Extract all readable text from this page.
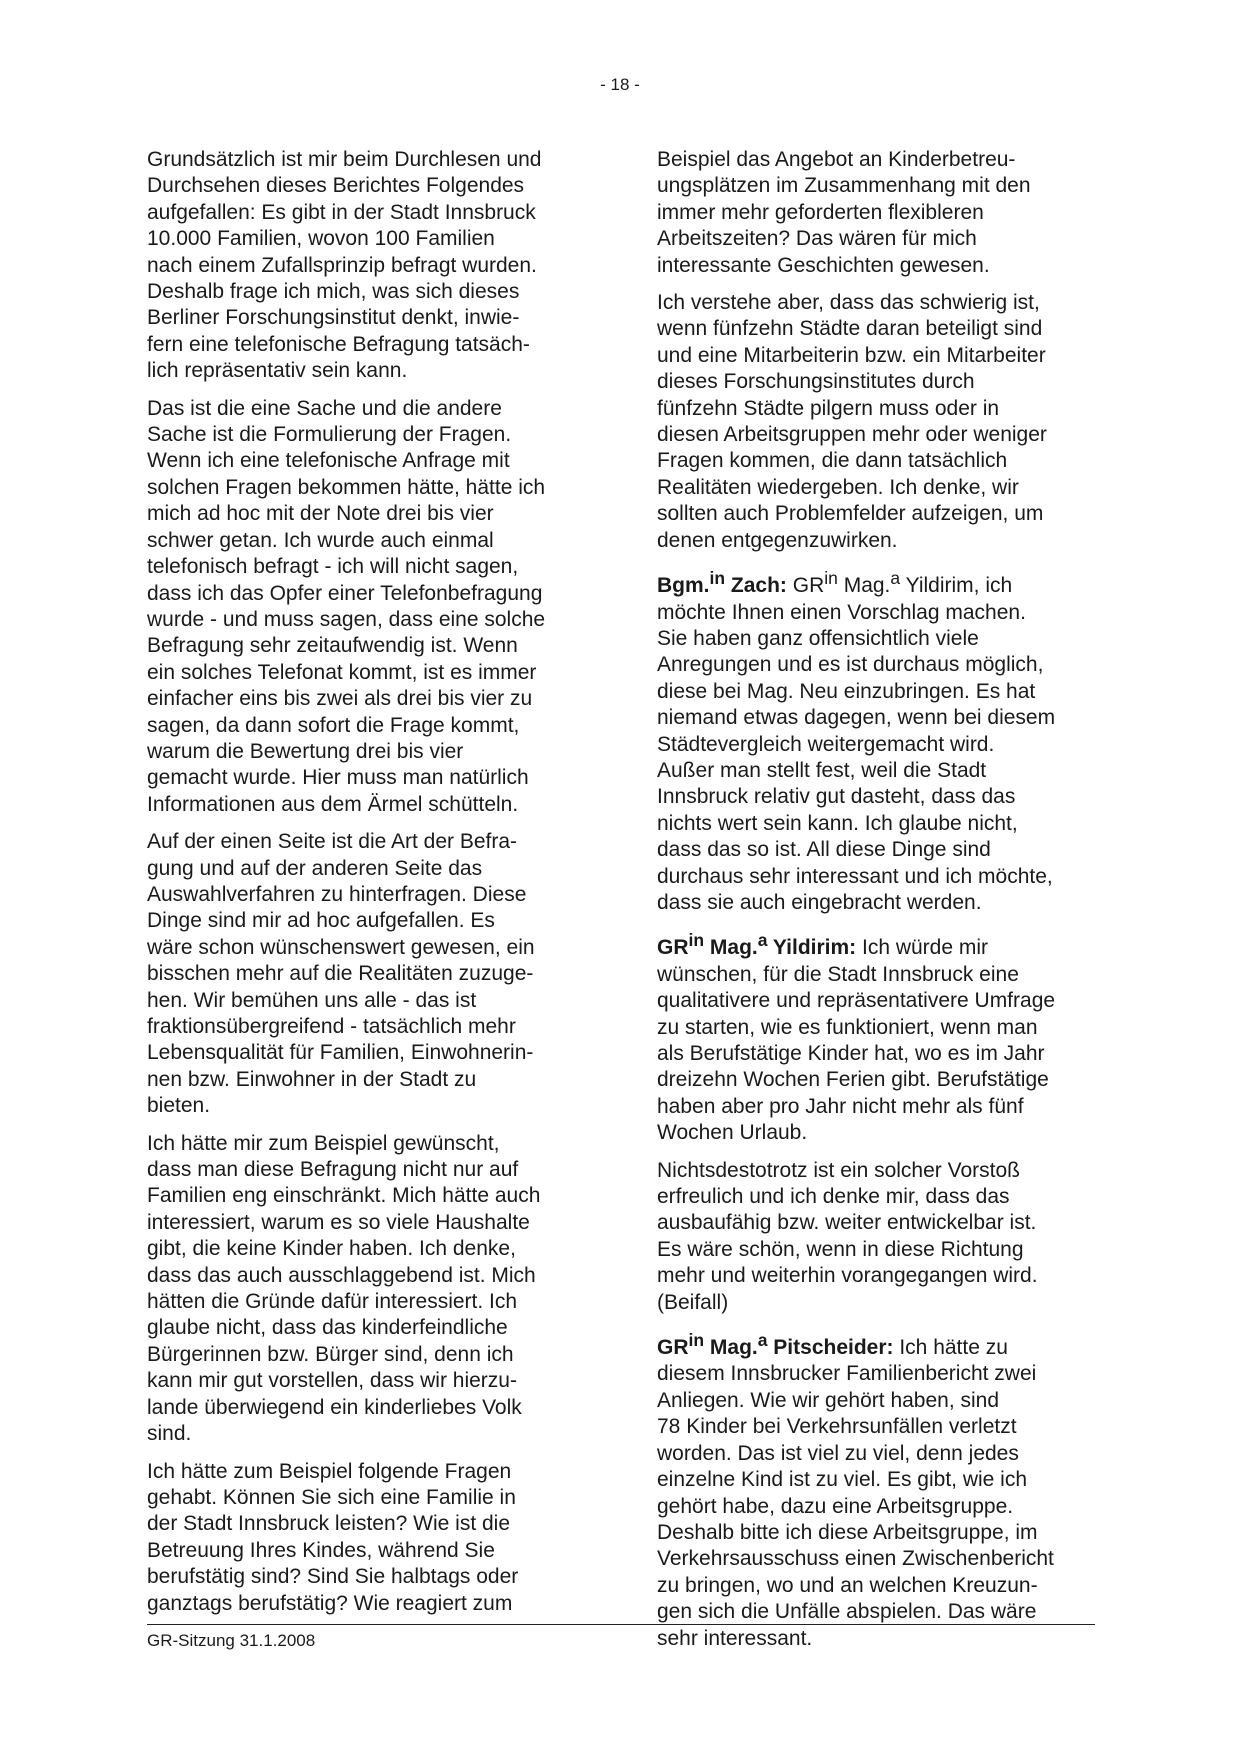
- 18 -

Grundsätzlich ist mir beim Durchlesen und
Durchsehen dieses Berichtes Folgendes
aufgefallen: Es gibt in der Stadt Innsbruck
10.000 Familien, wovon 100 Familien
nach einem Zufallsprinzip befragt wurden.
Deshalb frage ich mich, was sich dieses
Berliner Forschungsinstitut denkt, inwie-
fern eine telefonische Befragung tatsäch-
lich repräsentativ sein kann.

Das ist die eine Sache und die andere
Sache ist die Formulierung der Fragen.
Wenn ich eine telefonische Anfrage mit
solchen Fragen bekommen hätte, hätte ich
mich ad hoc mit der Note drei bis vier
schwer getan. Ich wurde auch einmal
telefonisch befragt - ich will nicht sagen,
dass ich das Opfer einer Telefonbefragung
wurde - und muss sagen, dass eine solche
Befragung sehr zeitaufwendig ist. Wenn
ein solches Telefonat kommt, ist es immer
einfacher eins bis zwei als drei bis vier zu
sagen, da dann sofort die Frage kommt,
warum die Bewertung drei bis vier
gemacht wurde. Hier muss man natürlich
Informationen aus dem Ärmel schütteln.

Auf der einen Seite ist die Art der Befra-
gung und auf der anderen Seite das
Auswahlverfahren zu hinterfragen. Diese
Dinge sind mir ad hoc aufgefallen. Es
wäre schon wünschenswert gewesen, ein
bisschen mehr auf die Realitäten zuzuge-
hen. Wir bemühen uns alle - das ist
fraktionsübergreifend - tatsächlich mehr
Lebensqualität für Familien, Einwohnerin-
nen bzw. Einwohner in der Stadt zu
bieten.

Ich hätte mir zum Beispiel gewünscht,
dass man diese Befragung nicht nur auf
Familien eng einschränkt. Mich hätte auch
interessiert, warum es so viele Haushalte
gibt, die keine Kinder haben. Ich denke,
dass das auch ausschlaggebend ist. Mich
hätten die Gründe dafür interessiert. Ich
glaube nicht, dass das kinderfeindliche
Bürgerinnen bzw. Bürger sind, denn ich
kann mir gut vorstellen, dass wir hierzu-
lande überwiegend ein kinderliebes Volk
sind.

Ich hätte zum Beispiel folgende Fragen
gehabt. Können Sie sich eine Familie in
der Stadt Innsbruck leisten? Wie ist die
Betreuung Ihres Kindes, während Sie
berufstätig sind? Sind Sie halbtags oder
ganztags berufstätig? Wie reagiert zum

Beispiel das Angebot an Kinderbetreu-
ungsplätzen im Zusammenhang mit den
immer mehr geforderten flexibleren
Arbeitszeiten? Das wären für mich
interessante Geschichten gewesen.

Ich verstehe aber, dass das schwierig ist,
wenn fünfzehn Städte daran beteiligt sind
und eine Mitarbeiterin bzw. ein Mitarbeiter
dieses Forschungsinstitutes durch
fünfzehn Städte pilgern muss oder in
diesen Arbeitsgruppen mehr oder weniger
Fragen kommen, die dann tatsächlich
Realitäten wiedergeben. Ich denke, wir
sollten auch Problemfelder aufzeigen, um
denen entgegenzuwirken.

Bgm.$^{in}$ Zach: $GR^{in}$ Mag.$^a$ Yildirim, ich
möchte Ihnen einen Vorschlag machen.
Sie haben ganz offensichtlich viele
Anregungen und es ist durchaus möglich,
diese bei Mag. Neu einzubringen. Es hat
niemand etwas dagegen, wenn bei diesem
Städtevergleich weitergemacht wird.
Außer man stellt fest, weil die Stadt
Innsbruck relativ gut dasteht, dass das
nichts wert sein kann. Ich glaube nicht,
dass das so ist. All diese Dinge sind
durchaus sehr interessant und ich möchte,
dass sie auch eingebracht werden.

$GR^{in}$ Mag.$^a$ Yildirim: Ich würde mir
wünschen, für die Stadt Innsbruck eine
qualitativere und repräsentativere Umfrage
zu starten, wie es funktioniert, wenn man
als Berufstätige Kinder hat, wo es im Jahr
dreizehn Wochen Ferien gibt. Berufstätige
haben aber pro Jahr nicht mehr als fünf
Wochen Urlaub.

Nichtsdestotrotz ist ein solcher Vorstoß
erfreulich und ich denke mir, dass das
ausbaufähig bzw. weiter entwickelbar ist.
Es wäre schön, wenn in diese Richtung
mehr und weiterhin vorangegangen wird.
(Beifall)

$GR^{in}$ Mag.$^a$ Pitscheider: Ich hätte zu
diesem Innsbrucker Familienbericht zwei
Anliegen. Wie wir gehört haben, sind
78 Kinder bei Verkehrsunfällen verletzt
worden. Das ist viel zu viel, denn jedes
einzelne Kind ist zu viel. Es gibt, wie ich
gehört habe, dazu eine Arbeitsgruppe.
Deshalb bitte ich diese Arbeitsgruppe, im
Verkehrsausschuss einen Zwischenbericht
zu bringen, wo und an welchen Kreuzun-
gen sich die Unfälle abspielen. Das wäre
sehr interessant.

GR-Sitzung 31.1.2008
